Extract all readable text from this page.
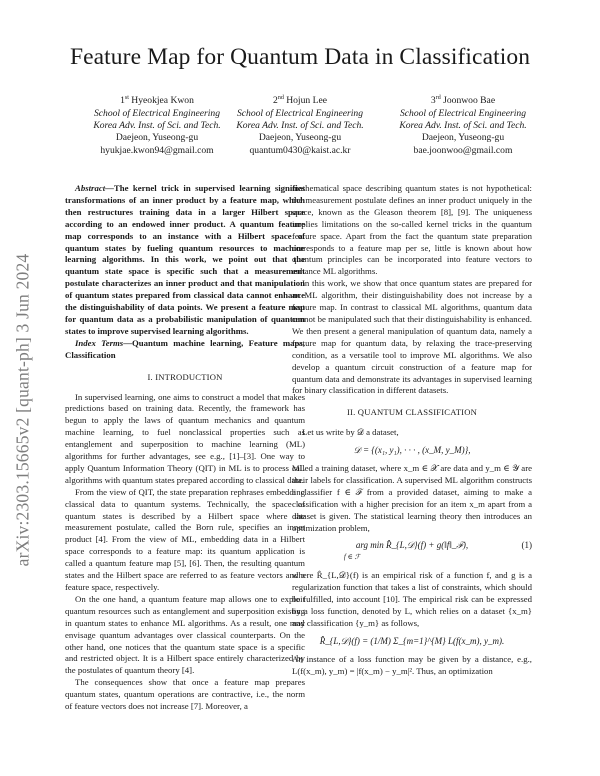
arXiv:2303.15665v2 [quant-ph] 3 Jun 2024
Feature Map for Quantum Data in Classification
1st Hyeokjea Kwon
School of Electrical Engineering
Korea Adv. Inst. of Sci. and Tech.
Daejeon, Yuseong-gu
hyukjae.kwon94@gmail.com
2nd Hojun Lee
School of Electrical Engineering
Korea Adv. Inst. of Sci. and Tech.
Daejeon, Yuseong-gu
quantum0430@kaist.ac.kr
3rd Joonwoo Bae
School of Electrical Engineering
Korea Adv. Inst. of Sci. and Tech.
Daejeon, Yuseong-gu
bae.joonwoo@gmail.com

Abstract—The kernel trick in supervised learning signifies transformations of an inner product by a feature map, which then restructures training data in a larger Hilbert space according to an endowed inner product. A quantum feature map corresponds to an instance with a Hilbert space of quantum states by fueling quantum resources to machine learning algorithms. In this work, we point out that the quantum state space is specific such that a measurement postulate characterizes an inner product and that manipulation of quantum states prepared from classical data cannot enhance the distinguishability of data points. We present a feature map for quantum data as a probabilistic manipulation of quantum states to improve supervised learning algorithms.

Index Terms—Quantum machine learning, Feature maps, Classification

I. INTRODUCTION

In supervised learning, one aims to construct a model that makes predictions based on training data. Recently, the framework has begun to apply the laws of quantum mechanics and quantum machine learning, to fuel nonclassical properties such as entanglement and superposition to machine learning (ML) algorithms for further advantages, see e.g., [1]–[3]. One way to apply Quantum Information Theory (QIT) in ML is to process ML algorithms with quantum states prepared according to classical data.

From the view of QIT, the state preparation rephrases embedding classical data to quantum systems. Technically, the space of quantum states is described by a Hilbert space where the measurement postulate, called the Born rule, specifies an inner product [4]. From the view of ML, embedding data in a Hilbert space corresponds to a feature map: its quantum application is called a quantum feature map [5], [6]. Then, the resulting quantum states and the Hilbert space are referred to as feature vectors and a feature space, respectively.

On the one hand, a quantum feature map allows one to exploit quantum resources such as entanglement and superposition existing in quantum states to enhance ML algorithms. As a result, one may envisage quantum advantages over classical counterparts. On the other hand, one notices that the quantum state space is a specific and restricted object. It is a Hilbert space entirely characterized by the postulates of quantum theory [4].

The consequences show that once a feature map prepares quantum states, quantum operations are contractive, i.e., the norm of feature vectors does not increase [7]. Moreover, a

mathematical space describing quantum states is not hypothetical: the measurement postulate defines an inner product uniquely in the space, known as the Gleason theorem [8], [9]. The uniqueness implies limitations on the so-called kernel tricks in the quantum feature space. Apart from the fact the quantum state preparation corresponds to a feature map per se, little is known about how quantum principles can be incorporated into feature vectors to enhance ML algorithms.

In this work, we show that once quantum states are prepared for an ML algorithm, their distinguishability does not increase by a feature map. In contrast to classical ML algorithms, quantum data cannot be manipulated such that their distinguishability is enhanced. We then present a general manipulation of quantum data, namely a feature map for quantum data, by relaxing the trace-preserving condition, as a versatile tool to improve ML algorithms. We also develop a quantum circuit construction of a feature map for quantum data and demonstrate its advantages in supervised learning for binary classification in different datasets.

II. QUANTUM CLASSIFICATION

Let us write by 𝒟 a dataset,

𝒟 = {(x₁, y₁), · · · , (x_M, y_M)},

called a training dataset, where x_m ∈ 𝒳 are data and y_m ∈ 𝒴 are their labels for classification. A supervised ML algorithm constructs a classifier f ∈ ℱ from a provided dataset, aiming to make a classification with a higher precision for an item x_m apart from a dataset is given. The statistical learning theory then introduces an optimization problem,

arg min R̂_{L,𝒟}(f) + g(‖f‖_ℱ),	(1)
f ∈ ℱ

where R̂_{L,𝒟}(f) is an empirical risk of a function f, and g is a regularization function that takes a list of constraints, which should be fulfilled, into account [10]. The empirical risk can be expressed by a loss function, denoted by L, which relies on a dataset {x_m} and classification {y_m} as follows,

R̂_{L,𝒟}(f) = (1/M) Σ_{m=1}^{M} L(f(x_m), y_m).

An instance of a loss function may be given by a distance, e.g., L(f(x_m), y_m) = |f(x_m) − y_m|². Thus, an optimization
